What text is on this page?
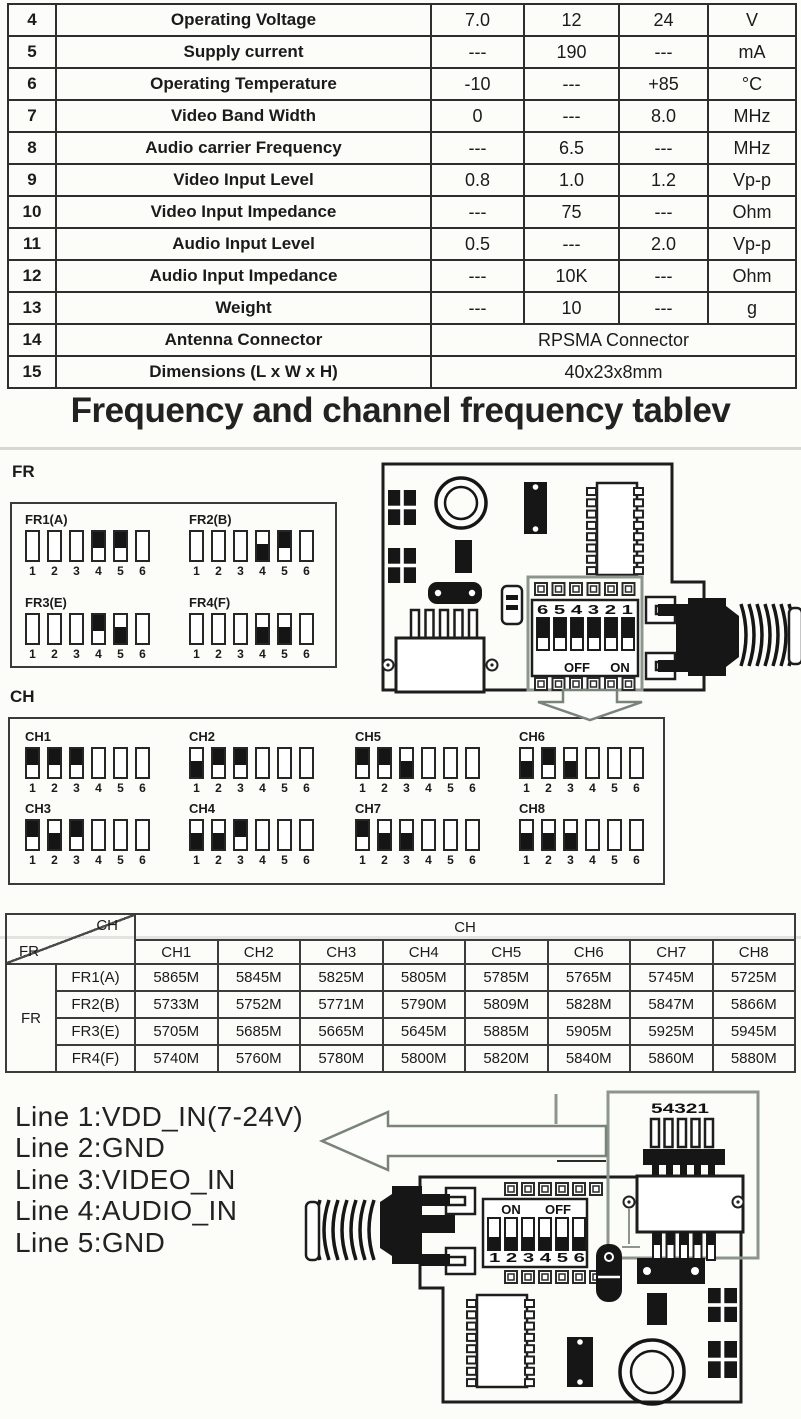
4	Operating Voltage	7.0	12	24	V
5	Supply current	---	190	---	mA
6	Operating Temperature	-10	---	+85	°C
7	Video Band Width	0	---	8.0	MHz
8	Audio carrier Frequency	---	6.5	---	MHz
9	Video Input Level	0.8	1.0	1.2	Vp-p
10	Video Input Impedance	---	75	---	Ohm
11	Audio Input Level	0.5	---	2.0	Vp-p
12	Audio Input Impedance	---	10K	---	Ohm
13	Weight	---	10	---	g
14	Antenna Connector	RPSMA Connector			
15	Dimensions (L x W x H)	40x23x8mm			
Frequency and channel frequency tablev
FR
FR1(A)
1	2	3	4	5	6
FR2(B)
1	2	3	4	5	6
FR3(E)
1	2	3	4	5	6
FR4(F)
1	2	3	4	5	6
CH
CH1
1	2	3	4	5	6
CH2
1	2	3	4	5	6
CH5
1	2	3	4	5	6
CH6
1	2	3	4	5	6
CH3
1	2	3	4	5	6
CH4
1	2	3	4	5	6
CH7
1	2	3	4	5	6
CH8
1	2	3	4	5	6
CH
FR		CH							
		CH1	CH2	CH3	CH4	CH5	CH6	CH7	CH8
FR	FR1(A)	5865M	5845M	5825M	5805M	5785M	5765M	5745M	5725M
	FR2(B)	5733M	5752M	5771M	5790M	5809M	5828M	5847M	5866M
	FR3(E)	5705M	5685M	5665M	5645M	5885M	5905M	5925M	5945M
	FR4(F)	5740M	5760M	5780M	5800M	5820M	5840M	5860M	5880M
Line 1:VDD_IN(7-24V)
Line 2:GND
Line 3:VIDEO_IN
Line 4:AUDIO_IN
Line 5:GND
6 5 4 3 2 1
OFF ON
54321
ON OFF
1 2 3 4 5 6
